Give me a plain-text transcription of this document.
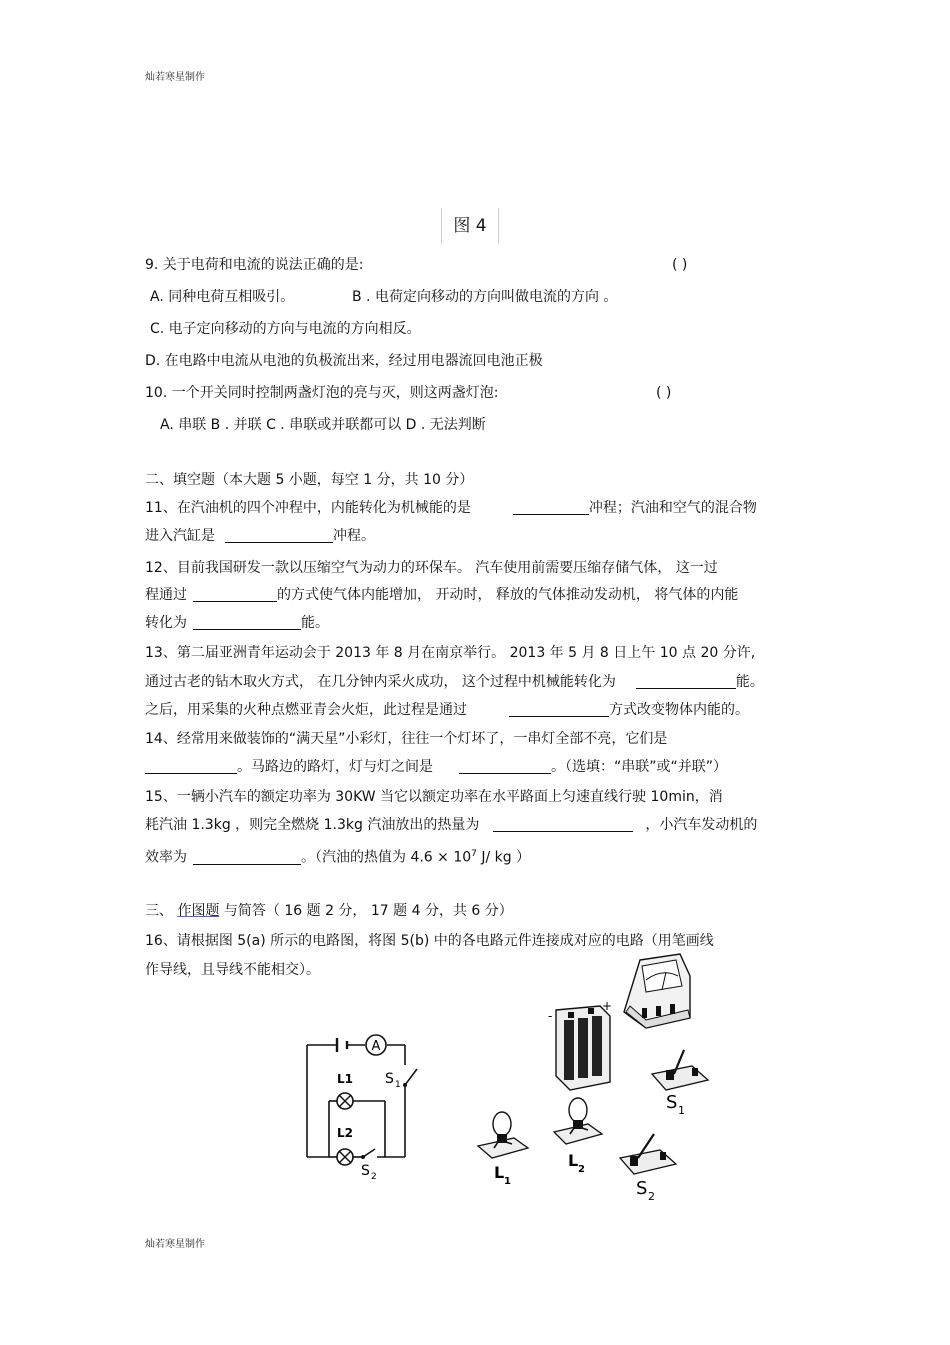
灿若寒星制作
图 4
9. 关于电荷和电流的说法正确的是:	( )
A. 同种电荷互相吸引。	B . 电荷定向移动的方向叫做电流的方向 。
C. 电子定向移动的方向与电流的方向相反。
D. 在电路中电流从电池的负极流出来，经过用电器流回电池正极
10. 一个开关同时控制两盏灯泡的亮与灭，则这两盏灯泡:	( )
A. 串联 B . 并联 C . 串联或并联都可以 D . 无法判断
二、填空题（本大题 5 小题，每空 1 分，共 10 分）
11、在汽油机的四个冲程中，内能转化为机械能的是	冲程；汽油和空气的混合物
进入汽缸是	冲程。
12、目前我国研发一款以压缩空气为动力的环保车。 汽车使用前需要压缩存储气体， 这一过
程通过	的方式使气体内能增加， 开动时， 释放的气体推动发动机， 将气体的内能
转化为	能。
13、第二届亚洲青年运动会于 2013 年 8 月在南京举行。 2013 年 5 月 8 日上午 10 点 20 分许,
通过古老的钻木取火方式， 在几分钟内采火成功， 这个过程中机械能转化为	能。
之后，用采集的火种点燃亚青会火炬，此过程是通过	方式改变物体内能的。
14、经常用来做装饰的“满天星”小彩灯，往往一个灯坏了，一串灯全部不亮，它们是
。马路边的路灯，灯与灯之间是	。（选填：“串联”或“并联”）
15、一辆小汽车的额定功率为 30KW 当它以额定功率在水平路面上匀速直线行驶 10min，消
耗汽油 1.3kg ，则完全燃烧 1.3kg 汽油放出的热量为	，小汽车发动机的
效率为	。（汽油的热值为 $4.6 \times 10^7$ J/ kg ）
三、 作图题 与简答（ 16 题 2 分， 17 题 4 分，共 6 分）
16、请根据图 5(a) 所示的电路图，将图 5(b) 中的各电路元件连接成对应的电路（用笔画线
作导线，且导线不能相交）。
A
L1
L2
S 1
S 2
-
+
S 1
L 2
L 1	S 2
灿若寒星制作
